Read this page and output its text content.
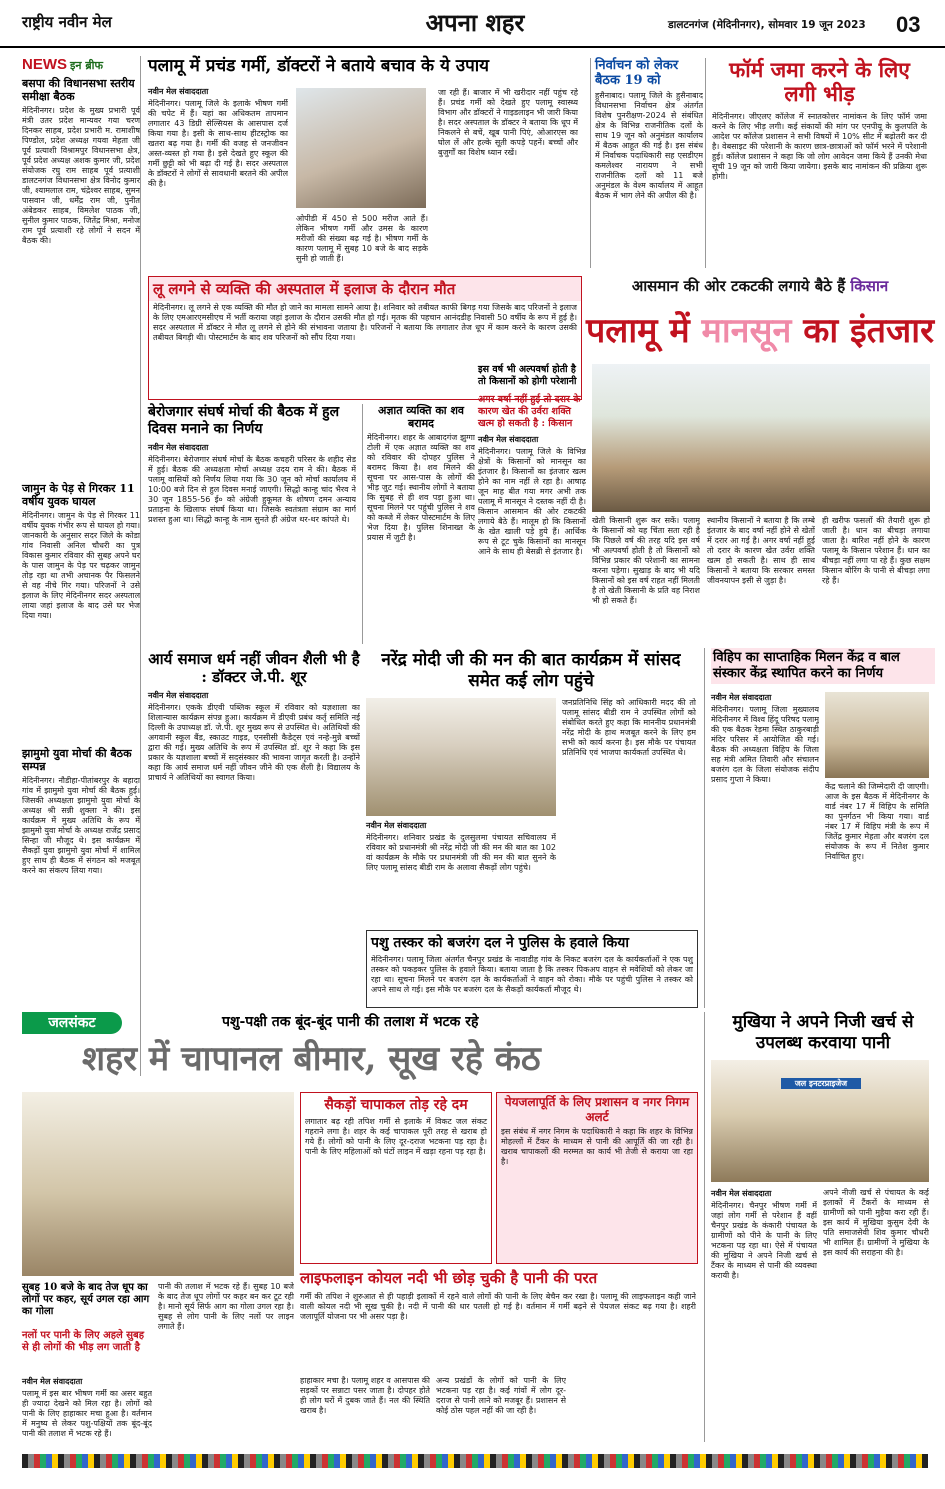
राष्ट्रीय नवीन मेल	अपना शहर	डालटनगंज (मेदिनीनगर), सोमवार 19 जून 2023 03
NEWS इन ब्रीफ
बसपा की विधानसभा स्तरीय समीक्षा बैठक
मेदिनीनगर। प्रदेश के मुख्य प्रभारी पूर्व मंत्री उतर प्रदेश मान्यवर गया चरण दिनकर साहब, प्रदेश प्रभारी म. रामाशीष पिण्डोल, प्रदेश अध्यक्ष गयवा मेहता जी पूर्व प्रत्याशी विश्रामपुर विधानसभा क्षेत्र, पूर्व प्रदेश अध्यक्ष अशक कुमार जी, प्रदेश संयोजक रघु राम साहब पूर्व प्रत्याशी डालटनगंज विधानसभा क्षेत्र विनोद कुमार जी, श्यामलाल राम, चंद्रेश्वर साहब, सुमन पासवान जी, धर्मेंद्र राम जी, पुनीत अंबेडकर साहब, विमलेश पाठक जी, सुनील कुमार पाठक, जितेंद्र मिश्रा, मनोज राम पूर्व प्रत्याशी रहे लोगों ने सदन में बैठक की।
जामुन के पेड़ से गिरकर 11 वर्षीय युवक घायल
मेदिनीनगर। जामुन के पेड़ से गिरकर 11 वर्षीय युवक गंभीर रूप से घायल हो गया। जानकारी के अनुसार सदर जिले के कोडा गांव निवासी अनिल चौधरी का पुत्र विकास कुमार रविवार की सुबह अपने घर के पास जामुन के पेड़ पर चढ़कर जामुन तोड़ रहा था तभी अचानक पैर फिसलने से वह नीचे गिर गया। परिजनों ने उसे इलाज के लिए मेदिनीनगर सदर अस्पताल लाया जहां इलाज के बाद उसे घर भेज दिया गया।
झामुमो युवा मोर्चा की बैठक सम्पन्न
मेदिनीनगर। नौडीहा-पीतांबरपुर के बहादा गांव में झामुमो युवा मोर्चा की बैठक हुई। जिसकी अध्यक्षता झामुमो युवा मोर्चा के अध्यक्ष श्री सन्नी शुक्ला ने की। इस कार्यक्रम में मुख्य अतिथि के रूप में झामुमो युवा मोर्चा के अध्यक्ष राजेंद्र प्रसाद सिन्हा जी मौजूद थे। इस कार्यक्रम में सैकड़ों युवा झामुमो युवा मोर्चा में शामिल हुए साथ ही बैठक में संगठन को मजबूत करने का संकल्प लिया गया।
पलामू में प्रचंड गर्मी, डॉक्टरों ने बताये बचाव के ये उपाय
नवीन मेल संवाददाता
मेदिनीनगर। पलामू जिले के इलाके भीषण गर्मी की चपेट में हैं। यहां का अधिकतम तापमान लगातार 43 डिग्री सेल्सियस के आसपास दर्ज किया गया है। इसी के साथ-साथ हीटस्ट्रोक का खतरा बढ़ गया है। गर्मी की वजह से जनजीवन अस्त-व्यस्त हो गया है। इसे देखते हुए स्कूल की गर्मी छुट्टी को भी बढ़ा दी गई है। सदर अस्पताल के डॉक्टरों ने लोगों से सावधानी बरतने की अपील की है।
ओपीडी में 450 से 500 मरीज आते हैं। लेकिन भीषण गर्मी और उमस के कारण मरीजों की संख्या बढ़ गई है। भीषण गर्मी के कारण पलामू में सुबह 10 बजे के बाद सड़के सुनी हो जाती हैं।
जा रही हैं। बाजार में भी खरीदार नहीं पहुंच रहे हैं। प्रचंड गर्मी को देखते हुए पलामू स्वास्थ्य विभाग और डॉक्टरों ने गाइडलाइन भी जारी किया है। सदर अस्पताल के डॉक्टर ने बताया कि धूप में निकलने से बचें, खूब पानी पिएं, ओआरएस का घोल लें और हल्के सूती कपड़े पहनें। बच्चों और बुजुर्गों का विशेष ध्यान रखें।
निर्वाचन को लेकर बैठक 19 को
हुसैनाबाद। पलामू जिले के हुसैनाबाद विधानसभा निर्वाचन क्षेत्र अंतर्गत विशेष पुनरीक्षण-2024 से संबंधित क्षेत्र के विभिन्न राजनीतिक दलों के साथ 19 जून को अनुमंडल कार्यालय में बैठक आहूत की गई है। इस संबंध में निर्वाचक पदाधिकारी सह एसडीएम कमलेश्वर नारायण ने सभी राजनीतिक दलों को 11 बजे अनुमंडल के वेश्म कार्यालय में आहूत बैठक में भाग लेने की अपील की है।
फॉर्म जमा करने के लिए लगी भीड़
मेदिनीनगर। जीएलए कॉलेज में स्नातकोत्तर नामांकन के लिए फॉर्म जमा करने के लिए भीड़ लगी। कई संकायों की मांग पर एनपीयू के कुलपति के आदेश पर कॉलेज प्रशासन ने सभी विषयों में 10% सीट में बढ़ोतरी कर दी है। वेबसाइट की परेशानी के कारण छात्र-छात्राओं को फॉर्म भरने में परेशानी हुई। कॉलेज प्रशासन ने कहा कि जो लोग आवेदन जमा किये हैं उनकी मेधा सूची 19 जून को जारी किया जायेगा। इसके बाद नामांकन की प्रक्रिया शुरू होगी।
लू लगने से व्यक्ति की अस्पताल में इलाज के दौरान मौत
मेदिनीनगर। लू लगने से एक व्यक्ति की मौत हो जाने का मामला सामने आया है। शनिवार को तबीयत काफी बिगड़ गया जिसके बाद परिजनों ने इलाज के लिए एमआरएमसीएच में भर्ती कराया जहां इलाज के दौरान उसकी मौत हो गई। मृतक की पहचान आनंदडीह निवासी 50 वर्षीय के रूप में हुई है। सदर अस्पताल में डॉक्टर ने मौत लू लगने से होने की संभावना जताया है। परिजनों ने बताया कि लगातार तेज धूप में काम करने के कारण उसकी तबीयत बिगड़ी थी। पोस्टमार्टम के बाद शव परिजनों को सौंप दिया गया।
आसमान की ओर टकटकी लगाये बैठे हैं किसान
पलामू में मानसून का इंतजार
इस वर्ष भी अल्पवर्षा होती है तो किसानों को होगी परेशानी
अगर वर्षा नहीं हुई तो दरार के कारण खेत की उर्वरा शक्ति खत्म हो सकती है : किसान
नवीन मेल संवाददाता
मेदिनीनगर। पलामू जिले के विभिन्न क्षेत्रों के किसानों को मानसून का इंतजार है। किसानों का इंतजार खत्म होने का नाम नहीं ले रहा है। आषाढ़ जून माह बीत गया मगर अभी तक पलामू में मानसून ने दस्तक नहीं दी है। किसान आसमान की ओर टकटकी लगाये बैठे हैं। मालूम हो कि किसानों के खेत खाली पड़े हुये हैं। आर्थिक रूप से टूट चुके किसानों का मानसून आने के साथ ही बेसब्री से इंतजार है।
खेती किसानी शुरू कर सकें। पलामू के किसानों को यह चिंता सता रही है कि पिछले वर्ष की तरह यदि इस वर्ष भी अल्पवर्षा होती है तो किसानों को विभिन्न प्रकार की परेशानी का सामना करना पड़ेगा। सुखाड़ के बाद भी यदि किसानों को इस वर्ष राहत नहीं मिलती है तो खेती किसानी के प्रति वह निराश भी हो सकते हैं।
स्थानीय किसानों ने बताया है कि लम्बे इंतजार के बाद वर्षा नहीं होने से खेतों में दरार आ गई है। अगर वर्षा नहीं हुई तो दरार के कारण खेत उर्वरा शक्ति खत्म हो सकती है। साथ ही साथ किसानों ने बताया कि सरकार समस्त जीवनयापन इसी से जुड़ा है।
ही खरीफ फसलों की तैयारी शुरू हो जाती है। धान का बीचड़ा लगाया जाता है। बारिश नहीं होने के कारण पलामू के किसान परेशान हैं। धान का बीचड़ा नहीं लगा पा रहे हैं। कुछ सक्षम किसान बोरिंग के पानी से बीचड़ा लगा रहे हैं।
बेरोजगार संघर्ष मोर्चा की बैठक में हुल दिवस मनाने का निर्णय
नवीन मेल संवाददाता
मेदिनीनगर। बेरोजगार संघर्ष मोर्चा के बैठक कचहरी परिसर के शहीद सेड में हुई। बैठक की अध्यक्षता मोर्चा अध्यक्ष उदय राम ने की। बैठक में पलामू वासियों को निर्णय लिया गया कि 30 जून को मोर्चा कार्यालय में 10:00 बजे दिन से हुल दिवस मनाई जाएगी। सिद्धो कान्हू चांद भैरव ने 30 जून 1855-56 ई० को अंग्रेजी हुकूमत के शोषण दमन अन्याय प्रताड़ना के खिलाफ संघर्ष किया था। जिसके स्वतंत्रता संग्राम का मार्ग प्रशस्त हुआ था। सिद्धो कान्हू के नाम सुनते ही अंग्रेज थर-थर कांपते थे।
अज्ञात व्यक्ति का शव बरामद
मेदिनीनगर। शहर के आबादगंज झुग्गा टोली में एक अज्ञात व्यक्ति का शव को रविवार की दोपहर पुलिस ने बरामद किया है। शव मिलने की सूचना पर आस-पास के लोगों की भीड़ जुट गई। स्थानीय लोगों ने बताया कि सुबह से ही शव पड़ा हुआ था। सूचना मिलने पर पहुंची पुलिस ने शव को कब्जे में लेकर पोस्टमार्टम के लिए भेज दिया है। पुलिस शिनाख्त के प्रयास में जुटी है।
आर्य समाज धर्म नहीं जीवन शैली भी है : डॉक्टर जे.पी. शूर
नवीन मेल संवाददाता
मेदिनीनगर। एकके डीएवी पब्लिक स्कूल में रविवार को यज्ञशाला का शिलान्यास कार्यक्रम संपन्न हुआ। कार्यक्रम में डीएवी प्रबंध कर्तृ समिति नई दिल्ली के उपाध्यक्ष डॉ. जे.पी. शूर मुख्य रूप से उपस्थित थे। अतिथियों की अगवानी स्कूल बैंड, स्काउट गाइड, एनसीसी कैडेट्स एवं नन्हे-मुन्ने बच्चों द्वारा की गई। मुख्य अतिथि के रूप में उपस्थित डॉ. शूर ने कहा कि इस प्रकार के यज्ञशाला बच्चों में सद्संस्कार की भावना जागृत करती है। उन्होंने कहा कि आर्य समाज धर्म नहीं जीवन जीने की एक शैली है। विद्यालय के प्राचार्य ने अतिथियों का स्वागत किया।
नरेंद्र मोदी जी की मन की बात कार्यक्रम में सांसद समेत कई लोग पहुंचे
नवीन मेल संवाददाता
मेदिनीनगर। शनिवार प्रखंड के दुलसुलमा पंचायत सचिवालय में रविवार को प्रधानमंत्री श्री नरेंद्र मोदी जी की मन की बात का 102 वां कार्यक्रम के मौके पर प्रधानमंत्री जी की मन की बात सुनने के लिए पलामू सांसद बीडी राम के अलावा सैकड़ों लोग पहुंचे।
जनप्रतिनिधि सिंह को आधिकारी मदद की तो पलामू सांसद बीडी राम ने उपस्थित लोगों को संबोधित करते हुए कहा कि माननीय प्रधानमंत्री नरेंद्र मोदी के हाथ मजबूत करने के लिए हम सभी को कार्य करना है। इस मौके पर पंचायत प्रतिनिधि एवं भाजपा कार्यकर्ता उपस्थित थे।
पशु तस्कर को बजरंग दल ने पुलिस के हवाले किया
मेदिनीनगर। पलामू जिला अंतर्गत चैनपुर प्रखंड के नावाडीह गांव के निकट बजरंग दल के कार्यकर्ताओं ने एक पशु तस्कर को पकड़कर पुलिस के हवाले किया। बताया जाता है कि तस्कर पिकअप वाहन से मवेशियों को लेकर जा रहा था। सूचना मिलने पर बजरंग दल के कार्यकर्ताओं ने वाहन को रोका। मौके पर पहुंची पुलिस ने तस्कर को अपने साथ ले गई। इस मौके पर बजरंग दल के सैकड़ों कार्यकर्ता मौजूद थे।
विहिप का साप्ताहिक मिलन केंद्र व बाल संस्कार केंद्र स्थापित करने का निर्णय
नवीन मेल संवाददाता
मेदिनीनगर। पलामू जिला मुख्यालय मेदिनीनगर में विश्व हिंदू परिषद पलामू की एक बैठक रेड़मा स्थित ठाकुरबाड़ी मंदिर परिसर में आयोजित की गई। बैठक की अध्यक्षता विहिप के जिला सह मंत्री अमित तिवारी और संचालन बजरंग दल के जिला संयोजक संदीप प्रसाद गुप्ता ने किया।
केंद्र चलाने की जिम्मेदारी दी जाएगी। आज के इस बैठक में मेदिनीनगर के वार्ड नंबर 17 में विहिप के समिति का पुनर्गठन भी किया गया। वार्ड नंबर 17 में विहिप मंत्री के रूप में जितेंद्र कुमार मेहता और बजरंग दल संयोजक के रूप में नितेश कुमार निर्वाचित हुए।
जलसंकट	पशु-पक्षी तक बूंद-बूंद पानी की तलाश में भटक रहे
शहर में चापानल बीमार, सूख रहे कंठ
सुबह 10 बजे के बाद तेज धूप का लोगों पर कहर, सूर्य उगल रहा आग का गोला
नलों पर पानी के लिए अहले सुबह से ही लोगों की भीड़ लग जाती है
नवीन मेल संवाददाता
पलामू में इस बार भीषण गर्मी का असर बहुत ही ज्यादा देखने को मिल रहा है। लोगों को पानी के लिए हाहाकार मचा हुआ है। वर्तमान में मनुष्य से लेकर पशु-पक्षियों तक बूंद-बूंद पानी की तलाश में भटक रहे हैं।
पानी की तलाश में भटक रहे हैं। सुबह 10 बजे के बाद तेज धूप लोगों पर कहर बन कर टूट रही है। मानो सूर्य सिर्फ आग का गोला उगल रहा है। सुबह से लोग पानी के लिए नलों पर लाइन लगाते हैं।
हाहाकार मचा है। पलामू शहर व आसपास की सड़कों पर सन्नाटा पसर जाता है। दोपहर होते ही लोग घरों में दुबक जाते हैं। नल की स्थिति खराब है।
अन्य प्रखंडों के लोगों को पानी के लिए भटकना पड़ रहा है। कई गांवों में लोग दूर-दराज से पानी लाने को मजबूर हैं। प्रशासन से कोई ठोस पहल नहीं की जा रही है।
सैकड़ों चापाकल तोड़ रहे दम
लगातार बढ़ रही तपिश गर्मी से इलाके में विकट जल संकट गहराने लगा है। शहर के कई चापाकल पूरी तरह से खराब हो गये हैं। लोगों को पानी के लिए दूर-दराज भटकना पड़ रहा है। पानी के लिए महिलाओं को घंटों लाइन में खड़ा रहना पड़ रहा है।
पेयजलापूर्ति के लिए प्रशासन व नगर निगम अलर्ट
इस संबंध में नगर निगम के पदाधिकारी ने कहा कि शहर के विभिन्न मोहल्लों में टैंकर के माध्यम से पानी की आपूर्ति की जा रही है। खराब चापाकलों की मरम्मत का कार्य भी तेजी से कराया जा रहा है।
लाइफलाइन कोयल नदी भी छोड़ चुकी है पानी की परत
गर्मी की तपिश ने शुरुआत से ही पहाड़ी इलाकों में रहने वाले लोगों की पानी के लिए बेचैन कर रखा है। पलामू की लाइफलाइन कही जाने वाली कोयल नदी भी सूख चुकी है। नदी में पानी की धार पतली हो गई है। वर्तमान में गर्मी बढ़ने से पेयजल संकट बढ़ गया है। शहरी जलापूर्ति योजना पर भी असर पड़ा है।
मुखिया ने अपने निजी खर्च से उपलब्ध करवाया पानी
जल इनटरप्राइजेज
नवीन मेल संवाददाता
मेदिनीनगर। चैनपुर भीषण गर्मी में जहां लोग गर्मी से परेशान हैं वहीं चैनपुर प्रखंड के कंकारी पंचायत के ग्रामीणों को पीने के पानी के लिए भटकना पड़ रहा था। ऐसे में पंचायत की मुखिया ने अपने निजी खर्च से टैंकर के माध्यम से पानी की व्यवस्था करायी है।
अपने नीजी खर्च से पंचायत के कई इलाकों में टैंकरों के माध्यम से ग्रामीणों को पानी मुहैया करा रही हैं। इस कार्य में मुखिया कुसुम देवी के पति समाजसेवी शिव कुमार चौधरी भी शामिल हैं। ग्रामीणों ने मुखिया के इस कार्य की सराहना की है।
